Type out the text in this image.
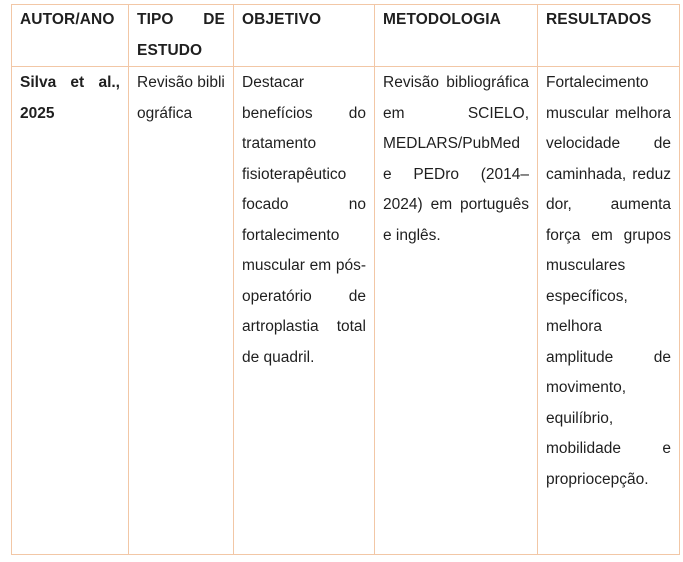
AUTOR/ANO	TIPO DE ESTUDO	OBJETIVO	METODOLOGIA	RESULTADOS

Silva et al., 2025	Revisão bibliográfica	Destacar benefícios do tratamento fisioterapêutico focado no fortalecimento muscular em pós-operatório de artroplastia total de quadril.	Revisão bibliográfica em SCIELO, MEDLARS/PubMed e PEDro (2014–2024) em português e inglês.	Fortalecimento muscular melhora velocidade de caminhada, reduz dor, aumenta força em grupos musculares específicos, melhora amplitude de movimento, equilíbrio, mobilidade e propriocepção.
